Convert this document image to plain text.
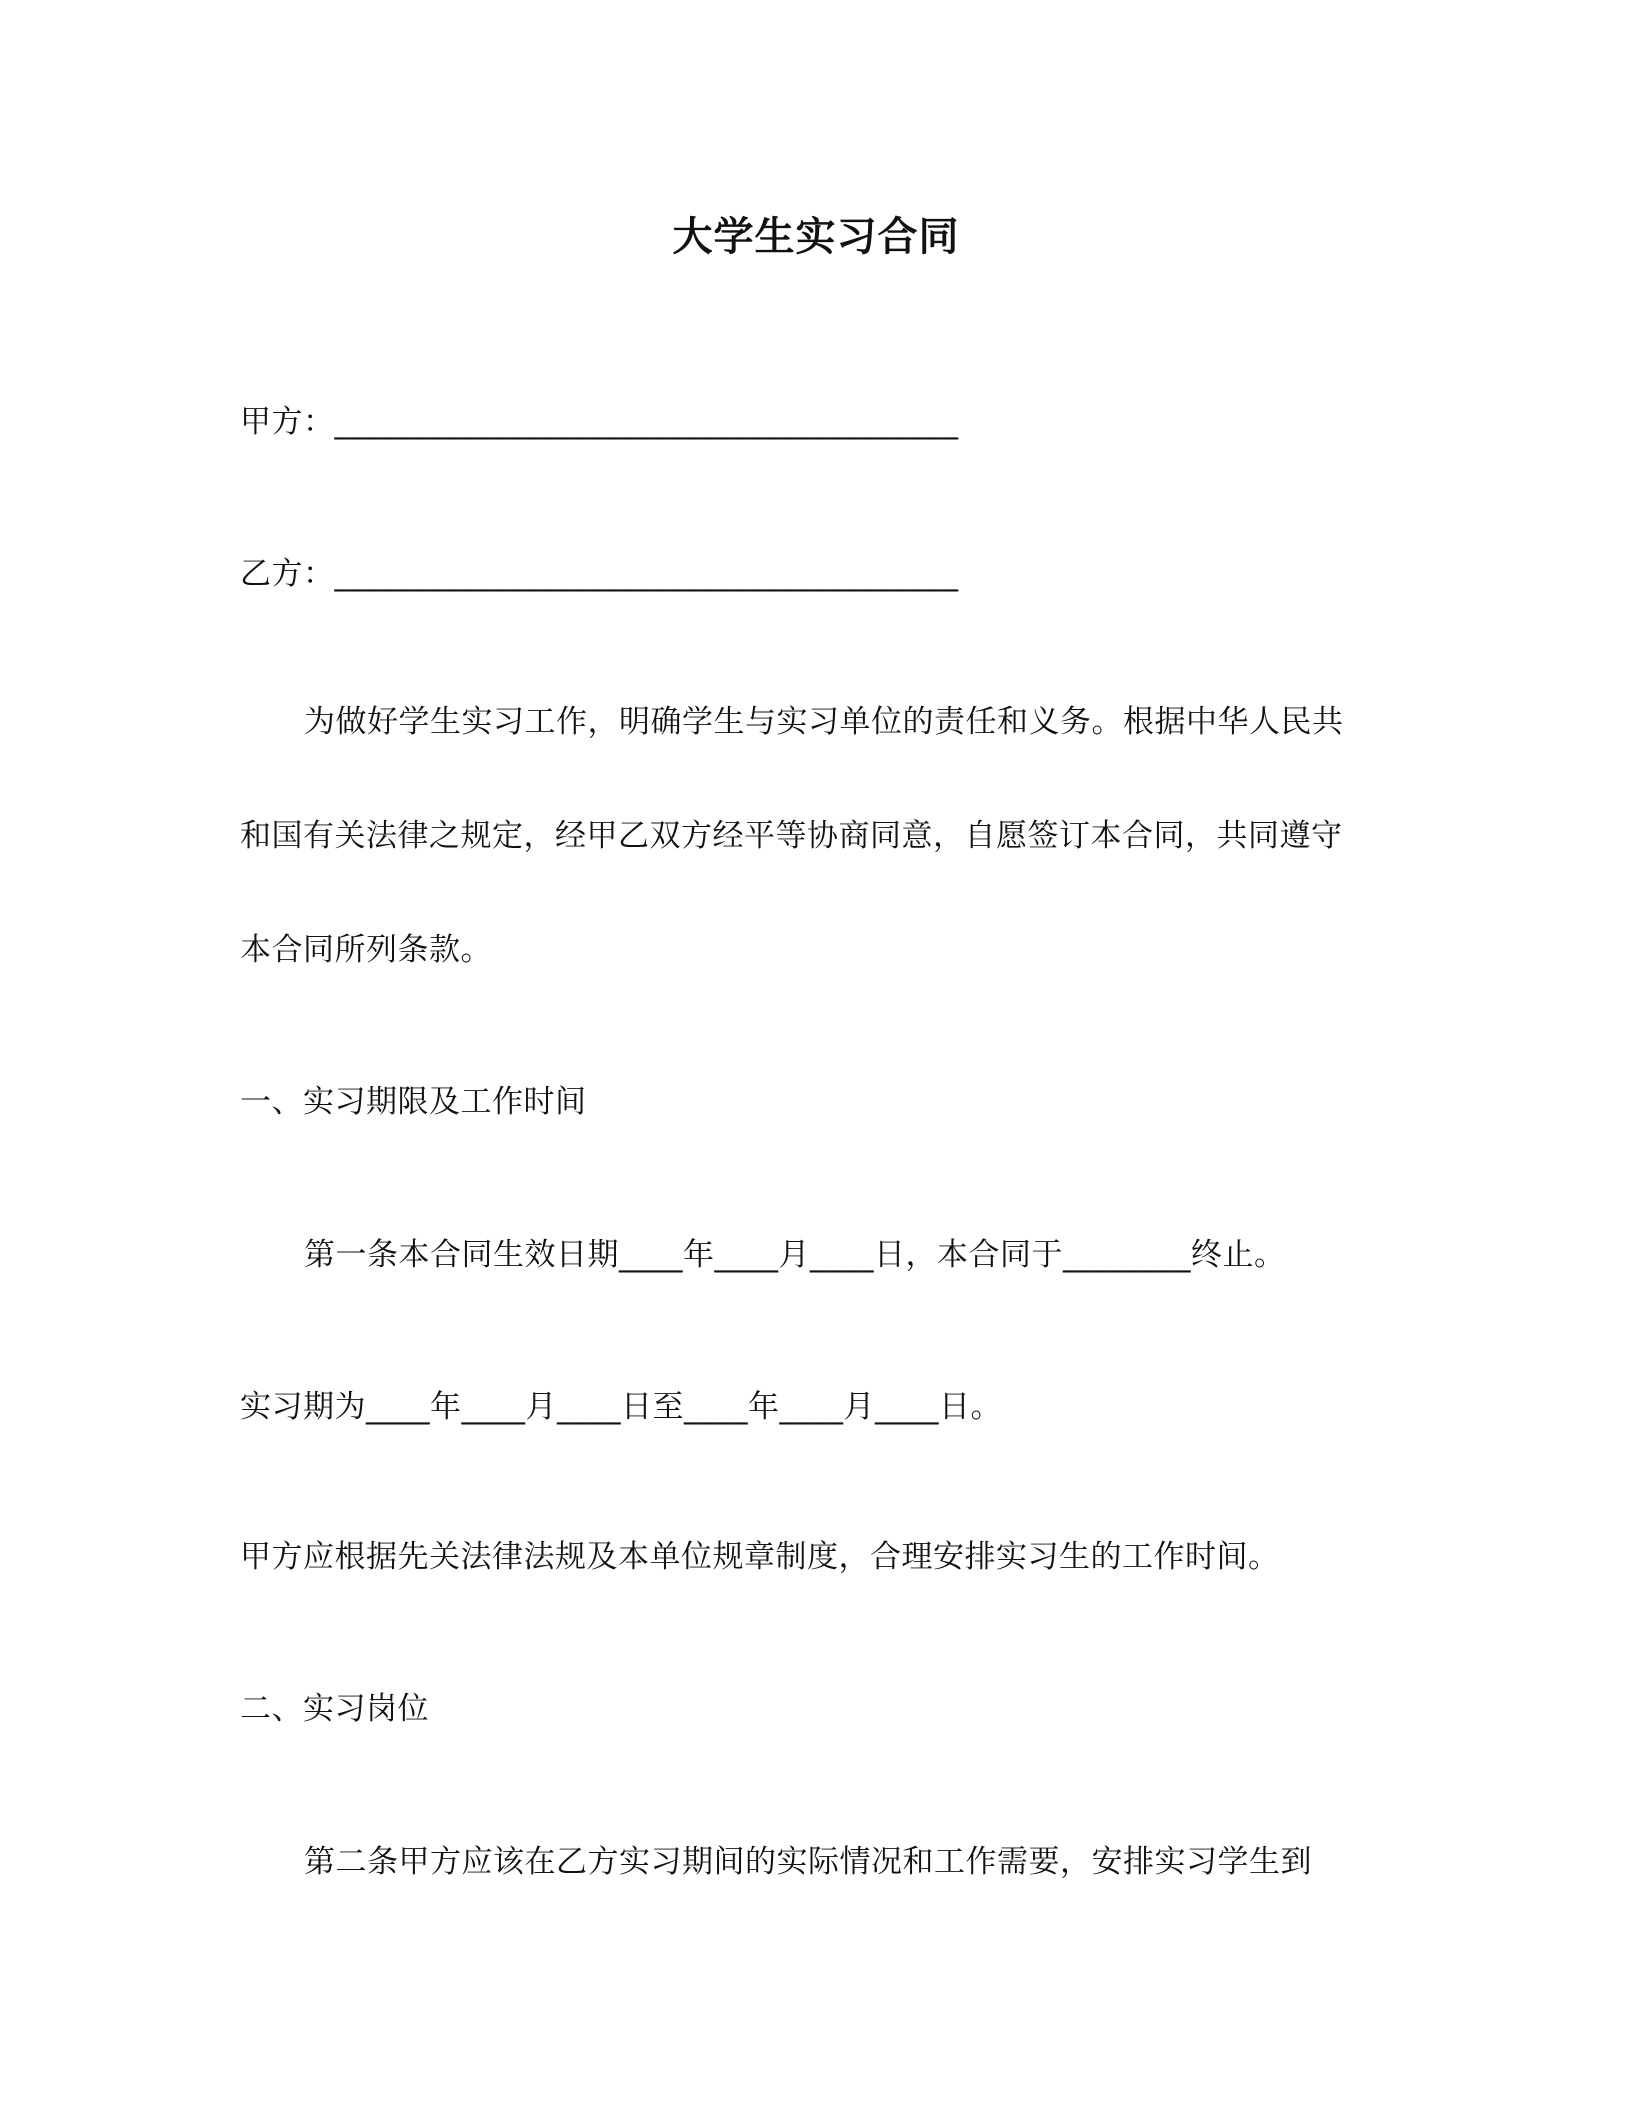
大学生实习合同
甲方：_______________________________________
乙方：_______________________________________
为做好学生实习工作，明确学生与实习单位的责任和义务。根据中华人民共
和国有关法律之规定，经甲乙双方经平等协商同意，自愿签订本合同，共同遵守
本合同所列条款。
一、实习期限及工作时间
第一条本合同生效日期____年____月____日，本合同于________终止。
实习期为____年____月____日至____年____月____日。
甲方应根据先关法律法规及本单位规章制度，合理安排实习生的工作时间。
二、实习岗位
第二条甲方应该在乙方实习期间的实际情况和工作需要，安排实习学生到
